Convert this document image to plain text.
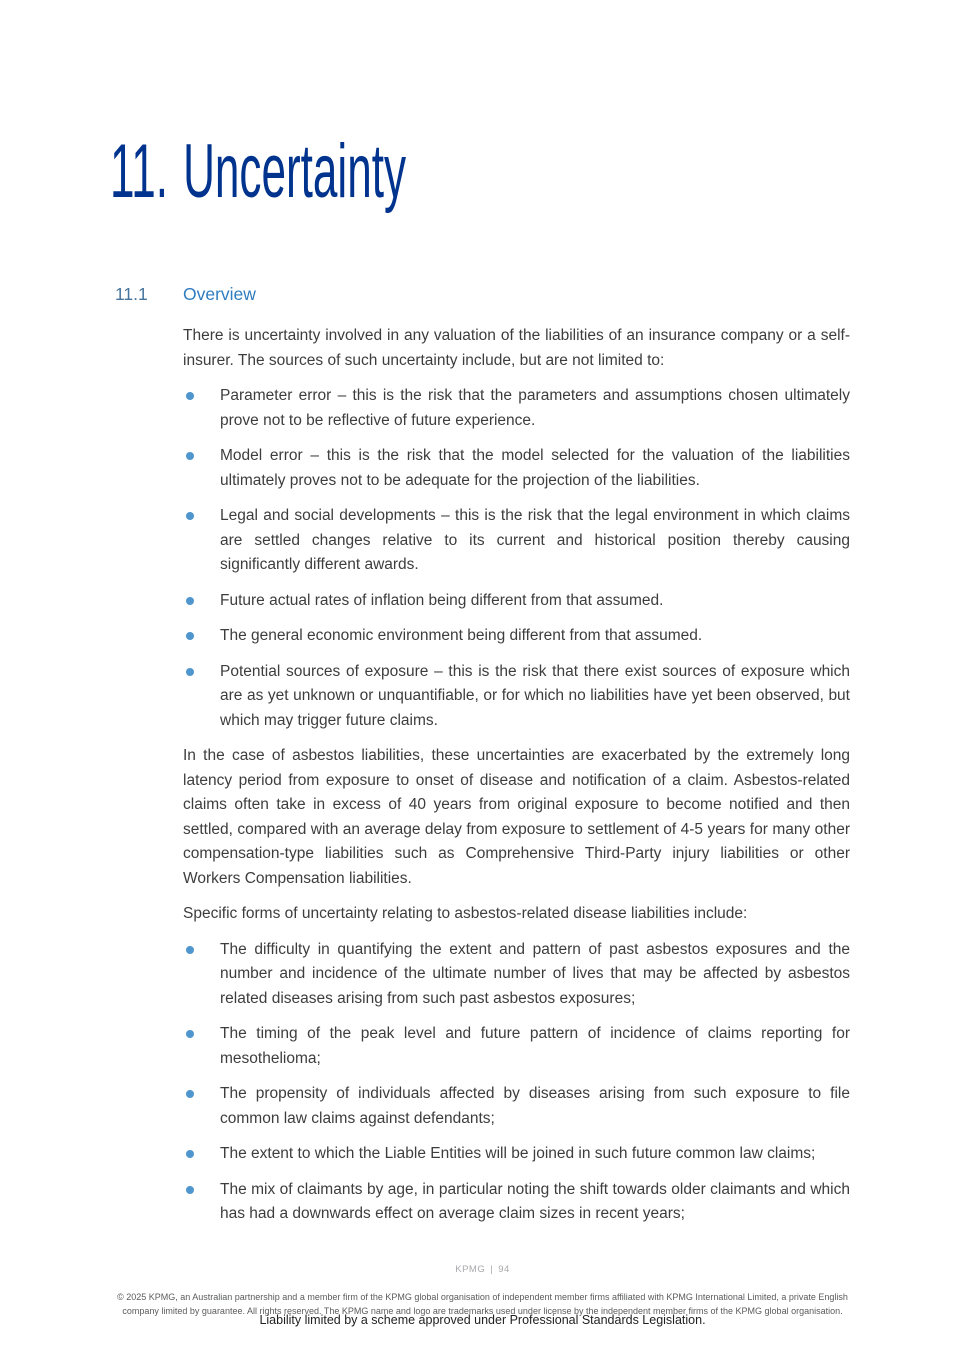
11. Uncertainty
11.1 Overview

There is uncertainty involved in any valuation of the liabilities of an insurance company or a self-insurer. The sources of such uncertainty include, but are not limited to:

Parameter error – this is the risk that the parameters and assumptions chosen ultimately prove not to be reflective of future experience.
Model error – this is the risk that the model selected for the valuation of the liabilities ultimately proves not to be adequate for the projection of the liabilities.
Legal and social developments – this is the risk that the legal environment in which claims are settled changes relative to its current and historical position thereby causing significantly different awards.
Future actual rates of inflation being different from that assumed.
The general economic environment being different from that assumed.
Potential sources of exposure – this is the risk that there exist sources of exposure which are as yet unknown or unquantifiable, or for which no liabilities have yet been observed, but which may trigger future claims.

In the case of asbestos liabilities, these uncertainties are exacerbated by the extremely long latency period from exposure to onset of disease and notification of a claim. Asbestos-related claims often take in excess of 40 years from original exposure to become notified and then settled, compared with an average delay from exposure to settlement of 4-5 years for many other compensation-type liabilities such as Comprehensive Third-Party injury liabilities or other Workers Compensation liabilities.

Specific forms of uncertainty relating to asbestos-related disease liabilities include:

The difficulty in quantifying the extent and pattern of past asbestos exposures and the number and incidence of the ultimate number of lives that may be affected by asbestos related diseases arising from such past asbestos exposures;
The timing of the peak level and future pattern of incidence of claims reporting for mesothelioma;
The propensity of individuals affected by diseases arising from such exposure to file common law claims against defendants;
The extent to which the Liable Entities will be joined in such future common law claims;
The mix of claimants by age, in particular noting the shift towards older claimants and which has had a downwards effect on average claim sizes in recent years;
KPMG | 94
© 2025 KPMG, an Australian partnership and a member firm of the KPMG global organisation of independent member firms affiliated with KPMG International Limited, a private English
company limited by guarantee. All rights reserved. The KPMG name and logo are trademarks used under license by the independent member firms of the KPMG global organisation.
Liability limited by a scheme approved under Professional Standards Legislation.
